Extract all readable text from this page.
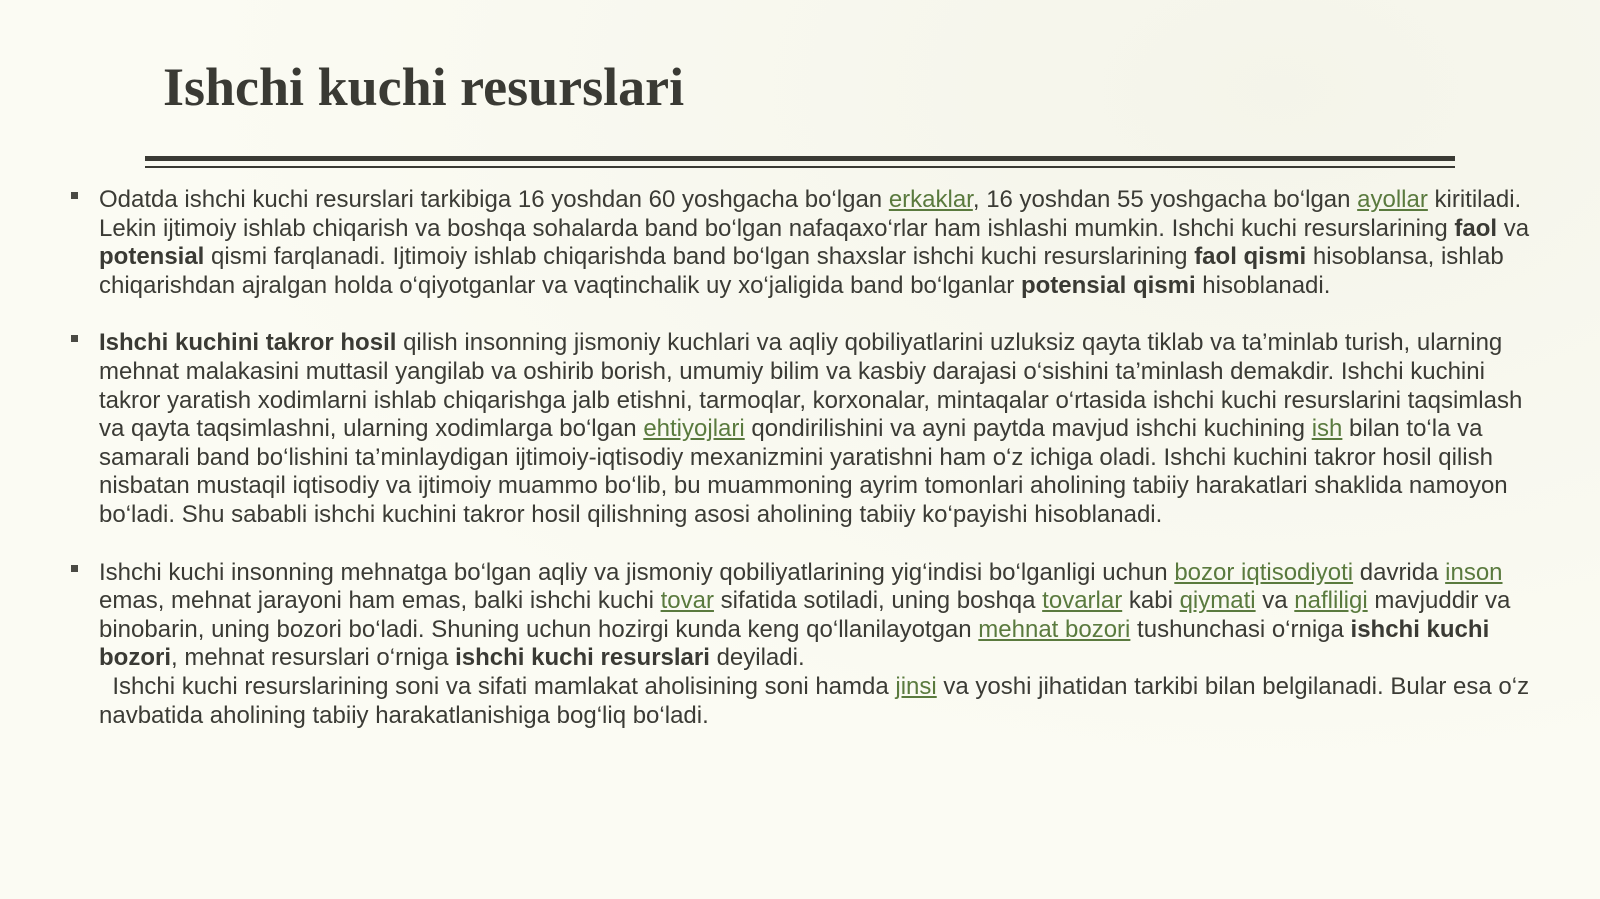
Ishchi kuchi resurslari

Odatda ishchi kuchi resurslari tarkibiga 16 yoshdan 60 yoshgacha bo‘lgan erkaklar, 16 yoshdan 55 yoshgacha bo‘lgan ayollar kiritiladi. Lekin ijtimoiy ishlab chiqarish va boshqa sohalarda band bo‘lgan nafaqaxo‘rlar ham ishlashi mumkin. Ishchi kuchi resurslarining faol va potensial qismi farqlanadi. Ijtimoiy ishlab chiqarishda band bo‘lgan shaxslar ishchi kuchi resurslarining faol qismi hisoblansa, ishlab chiqarishdan ajralgan holda o‘qiyotganlar va vaqtinchalik uy xo‘jaligida band bo‘lganlar potensial qismi hisoblanadi.

Ishchi kuchini takror hosil qilish insonning jismoniy kuchlari va aqliy qobiliyatlarini uzluksiz qayta tiklab va ta’minlab turish, ularning mehnat malakasini muttasil yangilab va oshirib borish, umumiy bilim va kasbiy darajasi o‘sishini ta’minlash demakdir. Ishchi kuchini takror yaratish xodimlarni ishlab chiqarishga jalb etishni, tarmoqlar, korxonalar, mintaqalar o‘rtasida ishchi kuchi resurslarini taqsimlash va qayta taqsimlashni, ularning xodimlarga bo‘lgan ehtiyojlari qondirilishini va ayni paytda mavjud ishchi kuchining ish bilan to‘la va samarali band bo‘lishini ta’minlaydigan ijtimoiy-iqtisodiy mexanizmini yaratishni ham o‘z ichiga oladi. Ishchi kuchini takror hosil qilish nisbatan mustaqil iqtisodiy va ijtimoiy muammo bo‘lib, bu muammoning ayrim tomonlari aholining tabiiy harakatlari shaklida namoyon bo‘ladi. Shu sababli ishchi kuchini takror hosil qilishning asosi aholining tabiiy ko‘payishi hisoblanadi.

Ishchi kuchi insonning mehnatga bo‘lgan aqliy va jismoniy qobiliyatlarining yig‘indisi bo‘lganligi uchun bozor iqtisodiyoti davrida inson emas, mehnat jarayoni ham emas, balki ishchi kuchi tovar sifatida sotiladi, uning boshqa tovarlar kabi qiymati va nafliligi mavjuddir va binobarin, uning bozori bo‘ladi. Shuning uchun hozirgi kunda keng qo‘llanilayotgan mehnat bozori tushunchasi o‘rniga ishchi kuchi bozori, mehnat resurslari o‘rniga ishchi kuchi resurslari deyiladi.
Ishchi kuchi resurslarining soni va sifati mamlakat aholisining soni hamda jinsi va yoshi jihatidan tarkibi bilan belgilanadi. Bular esa o‘z navbatida aholining tabiiy harakatlanishiga bog‘liq bo‘ladi.
